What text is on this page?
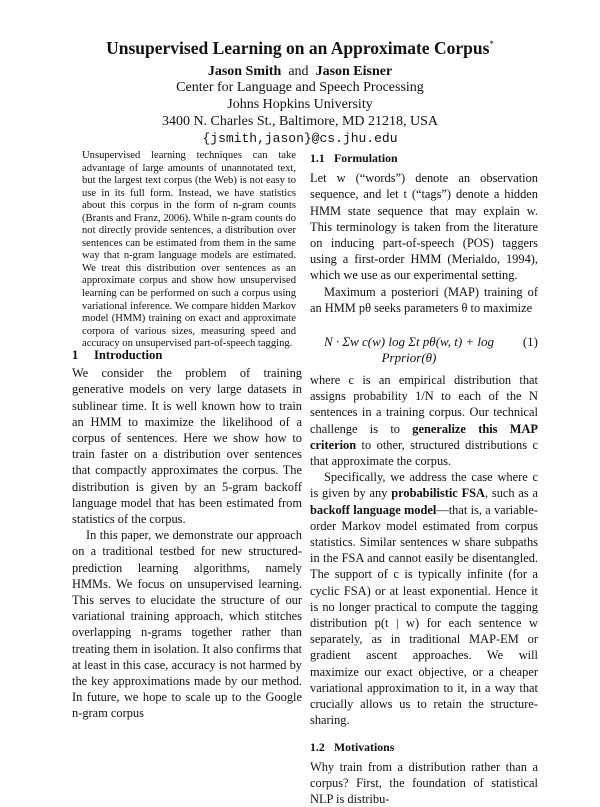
Unsupervised Learning on an Approximate Corpus*
Jason Smith and Jason Eisner
Center for Language and Speech Processing
Johns Hopkins University
3400 N. Charles St., Baltimore, MD 21218, USA
{jsmith,jason}@cs.jhu.edu

Unsupervised learning techniques can take advantage of large amounts of unannotated text, but the largest text corpus (the Web) is not easy to use in its full form. Instead, we have statistics about this corpus in the form of n-gram counts (Brants and Franz, 2006). While n-gram counts do not directly provide sentences, a distribution over sentences can be estimated from them in the same way that n-gram language models are estimated. We treat this distribution over sentences as an approximate corpus and show how unsupervised learning can be performed on such a corpus using variational inference. We compare hidden Markov model (HMM) training on exact and approximate corpora of various sizes, measuring speed and accuracy on unsupervised part-of-speech tagging.

1 Introduction

We consider the problem of training generative models on very large datasets in sublinear time. It is well known how to train an HMM to maximize the likelihood of a corpus of sentences. Here we show how to train faster on a distribution over sentences that compactly approximates the corpus. The distribution is given by an 5-gram backoff language model that has been estimated from statistics of the corpus.

In this paper, we demonstrate our approach on a traditional testbed for new structured-prediction learning algorithms, namely HMMs. We focus on unsupervised learning. This serves to elucidate the structure of our variational training approach, which stitches overlapping n-grams together rather than treating them in isolation. It also confirms that at least in this case, accuracy is not harmed by the key approximations made by our method. In future, we hope to scale up to the Google n-gram corpus

1.1 Formulation

Let w (“words”) denote an observation sequence, and let t (“tags”) denote a hidden HMM state sequence that may explain w. This terminology is taken from the literature on inducing part-of-speech (POS) taggers using a first-order HMM (Merialdo, 1994), which we use as our experimental setting.

Maximum a posteriori (MAP) training of an HMM pθ seeks parameters θ to maximize

N · Σw c(w) log Σt pθ(w, t) + log Prprior(θ)
(1)

where c is an empirical distribution that assigns probability 1/N to each of the N sentences in a training corpus. Our technical challenge is to generalize this MAP criterion to other, structured distributions c that approximate the corpus.

Specifically, we address the case where c is given by any probabilistic FSA, such as a backoff language model—that is, a variable-order Markov model estimated from corpus statistics. Similar sentences w share subpaths in the FSA and cannot easily be disentangled. The support of c is typically infinite (for a cyclic FSA) or at least exponential. Hence it is no longer practical to compute the tagging distribution p(t | w) for each sentence w separately, as in traditional MAP-EM or gradient ascent approaches. We will maximize our exact objective, or a cheaper variational approximation to it, in a way that crucially allows us to retain the structure-sharing.

1.2 Motivations

Why train from a distribution rather than a corpus? First, the foundation of statistical NLP is distribu-
